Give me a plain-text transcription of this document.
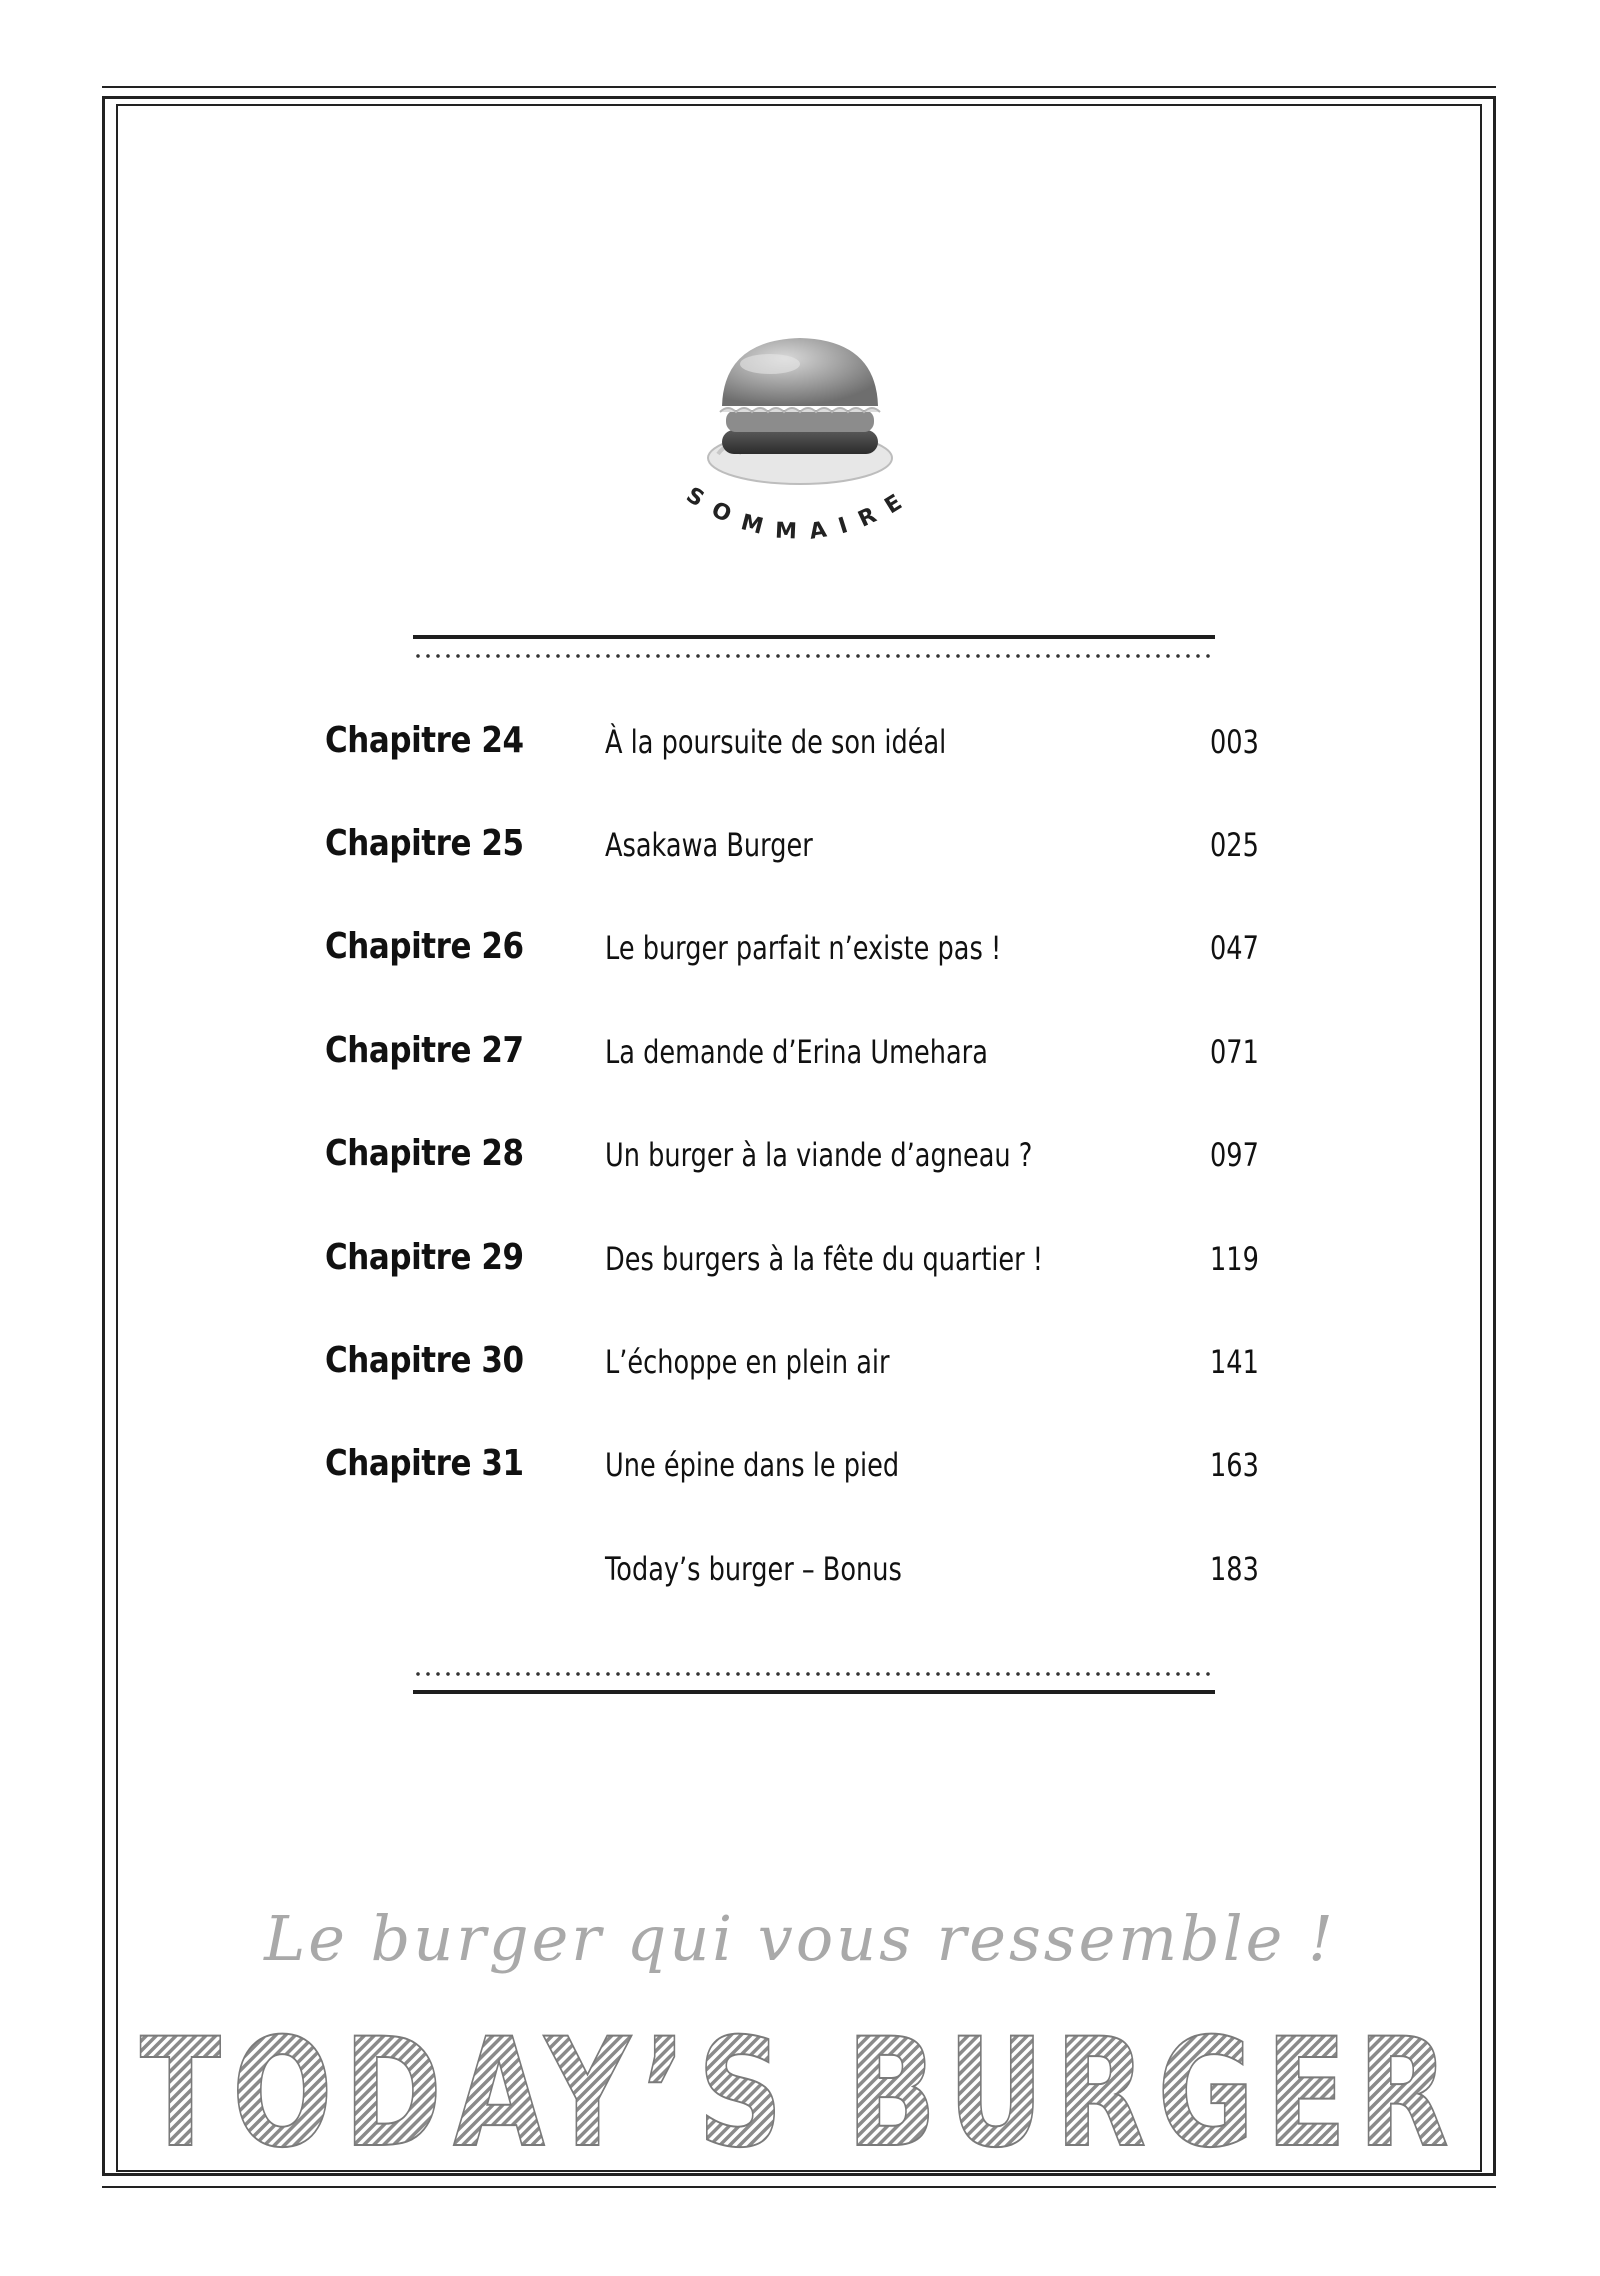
SOMMAIRE
Chapitre 24	À la poursuite de son idéal	003
Chapitre 25	Asakawa Burger	025
Chapitre 26	Le burger parfait n’existe pas !	047
Chapitre 27	La demande d’Erina Umehara	071
Chapitre 28	Un burger à la viande d’agneau ?	097
Chapitre 29	Des burgers à la fête du quartier !	119
Chapitre 30	L’échoppe en plein air	141
Chapitre 31	Une épine dans le pied	163
Today’s burger – Bonus	183
Le burger qui vous ressemble !
TODAY’S BURGER
